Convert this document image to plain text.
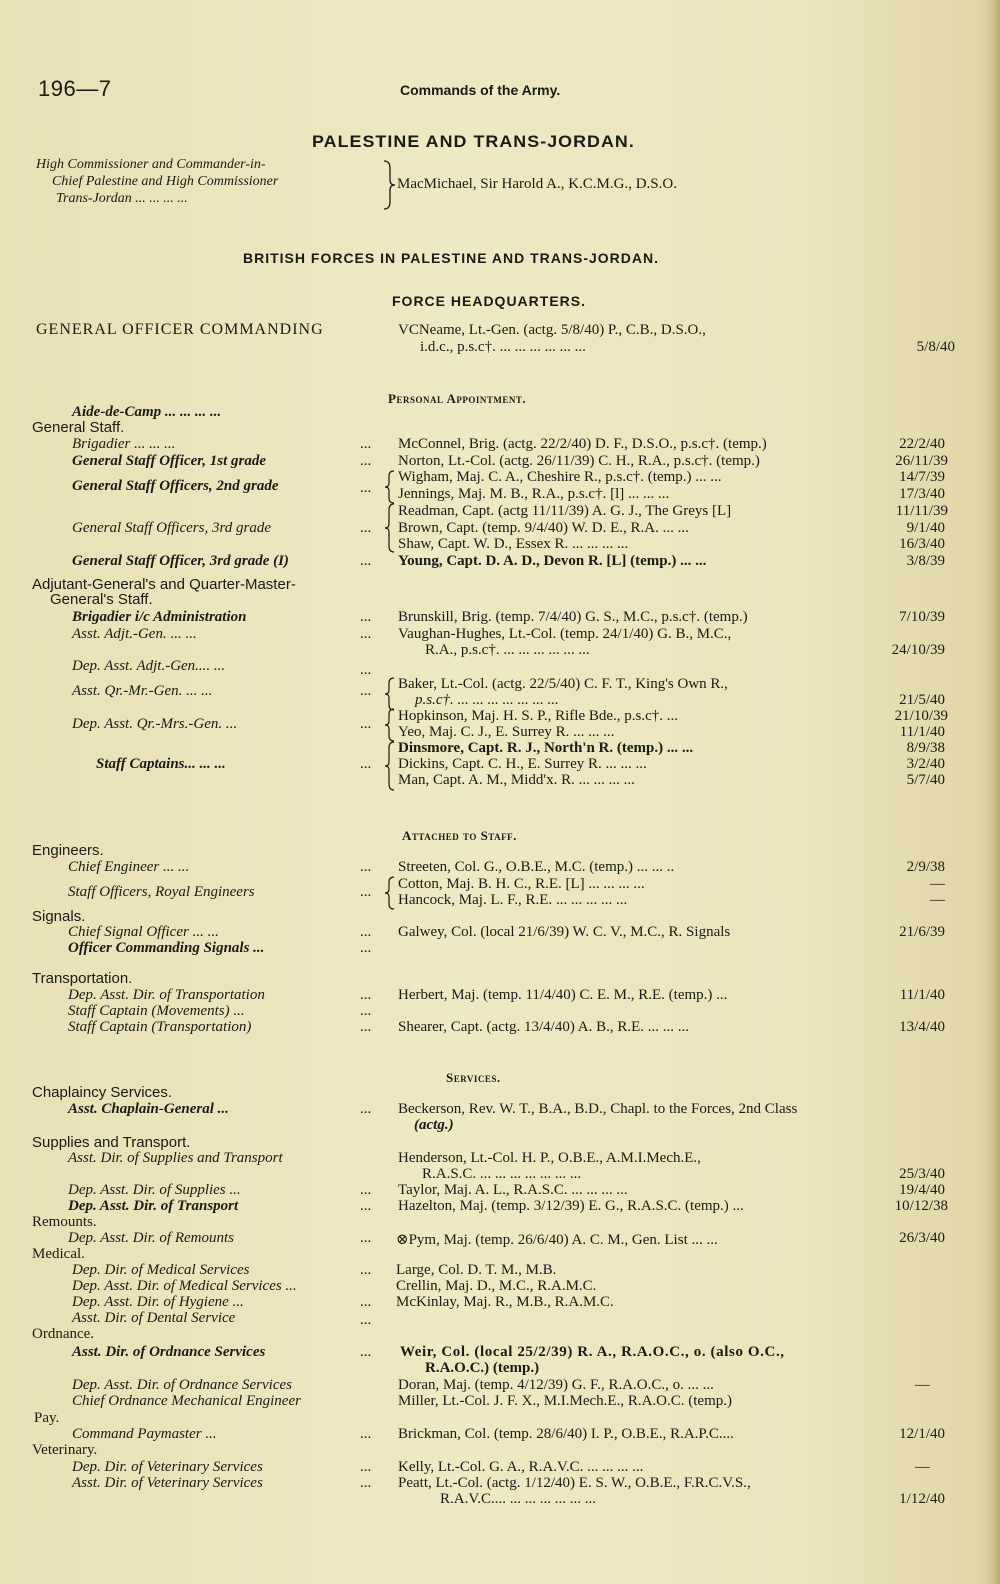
196—7	Commands of the Army.
PALESTINE AND TRANS-JORDAN.
High Commissioner and Commander-in-
Chief Palestine and High Commissioner
Trans-Jordan ... ... ... ...
MacMichael, Sir Harold A., K.C.M.G., D.S.O.
BRITISH FORCES IN PALESTINE AND TRANS-JORDAN.
FORCE HEADQUARTERS.
GENERAL OFFICER COMMANDING	VCNeame, Lt.-Gen. (actg. 5/8/40) P., C.B., D.S.O.,
i.d.c., p.s.c†. ... ... ... ... ... ...	5/8/40
Personal Appointment.
Aide-de-Camp ... ... ... ...
General Staff.
Brigadier ... ... ...	... McConnel, Brig. (actg. 22/2/40) D. F., D.S.O., p.s.c†. (temp.)	22/2/40
General Staff Officer, 1st grade	... Norton, Lt.-Col. (actg. 26/11/39) C. H., R.A., p.s.c†. (temp.)	26/11/39
General Staff Officers, 2nd grade	...
Wigham, Maj. C. A., Cheshire R., p.s.c†. (temp.) ... ...	14/7/39
Jennings, Maj. M. B., R.A., p.s.c†. [l] ... ... ...	17/3/40
Readman, Capt. (actg 11/11/39) A. G. J., The Greys [L]	11/11/39
General Staff Officers, 3rd grade	... Brown, Capt. (temp. 9/4/40) W. D. E., R.A. ... ...	9/1/40
Shaw, Capt. W. D., Essex R. ... ... ... ...	16/3/40
General Staff Officer, 3rd grade (I)	... Young, Capt. D. A. D., Devon R. [L] (temp.) ... ...	3/8/39
Adjutant-General's and Quarter-Master-
General's Staff.
Brigadier i/c Administration	... Brunskill, Brig. (temp. 7/4/40) G. S., M.C., p.s.c†. (temp.)	7/10/39
Asst. Adjt.-Gen. ... ...	... Vaughan-Hughes, Lt.-Col. (temp. 24/1/40) G. B., M.C.,
R.A., p.s.c†. ... ... ... ... ... ...	24/10/39
Dep. Asst. Adjt.-Gen.... ...	...
Asst. Qr.-Mr.-Gen. ... ...	... Baker, Lt.-Col. (actg. 22/5/40) C. F. T., King's Own R.,
p.s.c†. ... ... ... ... ... ... ...	21/5/40
Dep. Asst. Qr.-Mrs.-Gen. ...	... Hopkinson, Maj. H. S. P., Rifle Bde., p.s.c†. ...	21/10/39
Yeo, Maj. C. J., E. Surrey R. ... ... ...	11/1/40
Dinsmore, Capt. R. J., North'n R. (temp.) ... ...	8/9/38
Staff Captains... ... ...	... Dickins, Capt. C. H., E. Surrey R. ... ... ...	3/2/40
Man, Capt. A. M., Midd'x. R. ... ... ... ...	5/7/40
Attached to Staff.
Engineers.
Chief Engineer ... ...	... Streeten, Col. G., O.B.E., M.C. (temp.) ... ... ..	2/9/38
Staff Officers, Royal Engineers	... Cotton, Maj. B. H. C., R.E. [L] ... ... ... ...	—
Hancock, Maj. L. F., R.E. ... ... ... ... ...	—
Signals.
Chief Signal Officer ... ...	... Galwey, Col. (local 21/6/39) W. C. V., M.C., R. Signals	21/6/39
Officer Commanding Signals ...	...
Transportation.
Dep. Asst. Dir. of Transportation	... Herbert, Maj. (temp. 11/4/40) C. E. M., R.E. (temp.) ...	11/1/40
Staff Captain (Movements) ...	...
Staff Captain (Transportation)	... Shearer, Capt. (actg. 13/4/40) A. B., R.E. ... ... ...	13/4/40
Services.
Chaplaincy Services.
Asst. Chaplain-General ...	... Beckerson, Rev. W. T., B.A., B.D., Chapl. to the Forces, 2nd Class
(actg.)
Supplies and Transport.
Asst. Dir. of Supplies and Transport	Henderson, Lt.-Col. H. P., O.B.E., A.M.I.Mech.E.,
R.A.S.C. ... ... ... ... ... ... ...	25/3/40
Dep. Asst. Dir. of Supplies ...	... Taylor, Maj. A. L., R.A.S.C. ... ... ... ...	19/4/40
Dep. Asst. Dir. of Transport	... Hazelton, Maj. (temp. 3/12/39) E. G., R.A.S.C. (temp.) ...	10/12/38
Remounts.
Dep. Asst. Dir. of Remounts	... ⊗Pym, Maj. (temp. 26/6/40) A. C. M., Gen. List ... ...	26/3/40
Medical.
Dep. Dir. of Medical Services	... Large, Col. D. T. M., M.B.
Dep. Asst. Dir. of Medical Services ...	Crellin, Maj. D., M.C., R.A.M.C.
Dep. Asst. Dir. of Hygiene ...	... McKinlay, Maj. R., M.B., R.A.M.C.
Asst. Dir. of Dental Service	...
Ordnance.
Asst. Dir. of Ordnance Services	... Weir, Col. (local 25/2/39) R. A., R.A.O.C., o. (also O.C.,
R.A.O.C.) (temp.)
Dep. Asst. Dir. of Ordnance Services	Doran, Maj. (temp. 4/12/39) G. F., R.A.O.C., o. ... ...	—
Chief Ordnance Mechanical Engineer	Miller, Lt.-Col. J. F. X., M.I.Mech.E., R.A.O.C. (temp.)
Pay.
Command Paymaster ...	... Brickman, Col. (temp. 28/6/40) I. P., O.B.E., R.A.P.C....	12/1/40
Veterinary.
Dep. Dir. of Veterinary Services	... Kelly, Lt.-Col. G. A., R.A.V.C. ... ... ... ...	—
Asst. Dir. of Veterinary Services	... Peatt, Lt.-Col. (actg. 1/12/40) E. S. W., O.B.E., F.R.C.V.S.,
R.A.V.C.... ... ... ... ... ... ...	1/12/40
